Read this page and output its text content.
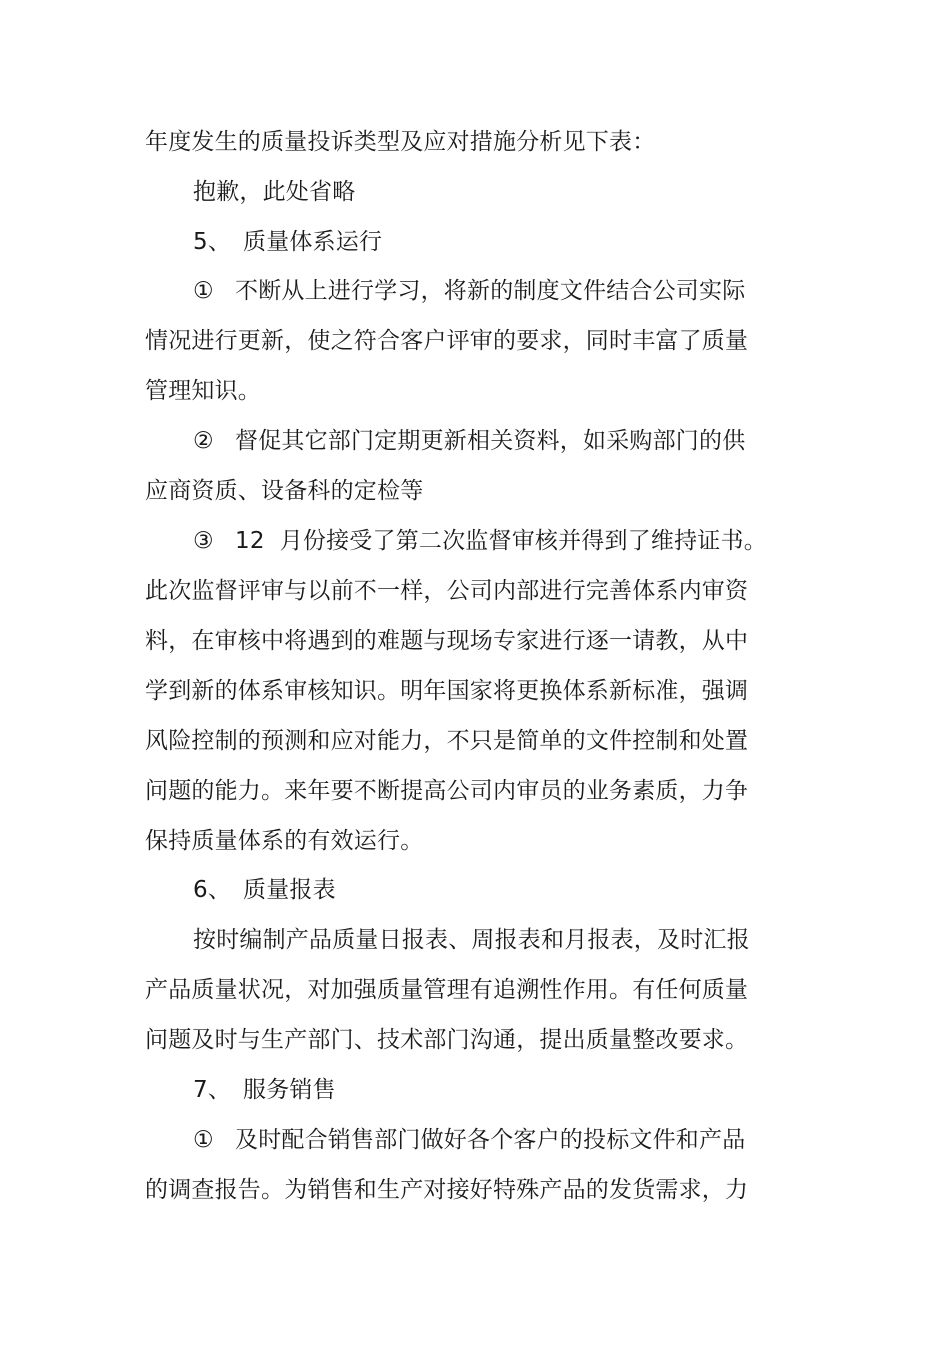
年度发生的质量投诉类型及应对措施分析见下表：
抱歉，此处省略
5、 质量体系运行
① 不断从上进行学习，将新的制度文件结合公司实际
情况进行更新，使之符合客户评审的要求，同时丰富了质量
管理知识。
② 督促其它部门定期更新相关资料，如采购部门的供
应商资质、设备科的定检等
③ 12  月份接受了第二次监督审核并得到了维持证书。
此次监督评审与以前不一样，公司内部进行完善体系内审资
料，在审核中将遇到的难题与现场专家进行逐一请教，从中
学到新的体系审核知识。明年国家将更换体系新标准，强调
风险控制的预测和应对能力，不只是简单的文件控制和处置
问题的能力。来年要不断提高公司内审员的业务素质，力争
保持质量体系的有效运行。
6、 质量报表
按时编制产品质量日报表、周报表和月报表，及时汇报
产品质量状况，对加强质量管理有追溯性作用。有任何质量
问题及时与生产部门、技术部门沟通，提出质量整改要求。
7、 服务销售
① 及时配合销售部门做好各个客户的投标文件和产品
的调查报告。为销售和生产对接好特殊产品的发货需求，力
